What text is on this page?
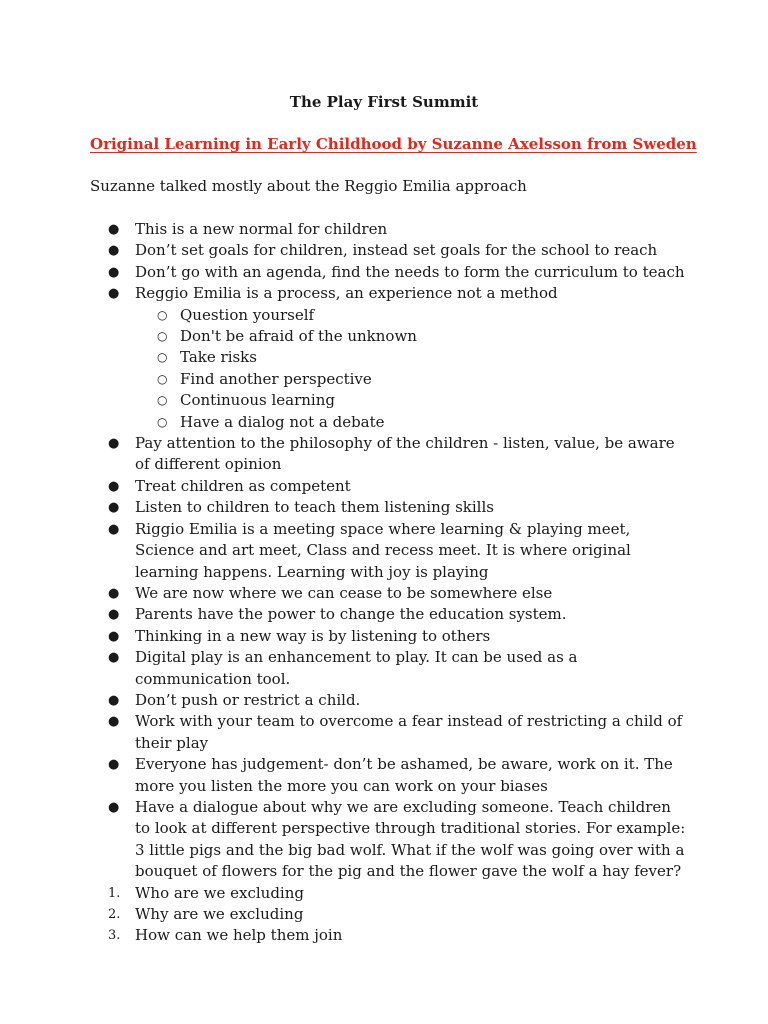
The Play First Summit
Original Learning in Early Childhood by Suzanne Axelsson from Sweden
Suzanne talked mostly about the Reggio Emilia approach
● This is a new normal for children
● Don’t set goals for children, instead set goals for the school to reach
● Don’t go with an agenda, find the needs to form the curriculum to teach
● Reggio Emilia is a process, an experience not a method
○ Question yourself
○ Don't be afraid of the unknown
○ Take risks
○ Find another perspective
○ Continuous learning
○ Have a dialog not a debate
● Pay attention to the philosophy of the children - listen, value, be aware of different opinion
● Treat children as competent
● Listen to children to teach them listening skills
● Riggio Emilia is a meeting space where learning & playing meet, Science and art meet, Class and recess meet. It is where original learning happens. Learning with joy is playing
● We are now where we can cease to be somewhere else
● Parents have the power to change the education system.
● Thinking in a new way is by listening to others
● Digital play is an enhancement to play. It can be used as a communication tool.
● Don’t push or restrict a child.
● Work with your team to overcome a fear instead of restricting a child of their play
● Everyone has judgement- don’t be ashamed, be aware, work on it. The more you listen the more you can work on your biases
● Have a dialogue about why we are excluding someone. Teach children to look at different perspective through traditional stories. For example: 3 little pigs and the big bad wolf. What if the wolf was going over with a bouquet of flowers for the pig and the flower gave the wolf a hay fever?
1. Who are we excluding
2. Why are we excluding
3. How can we help them join
